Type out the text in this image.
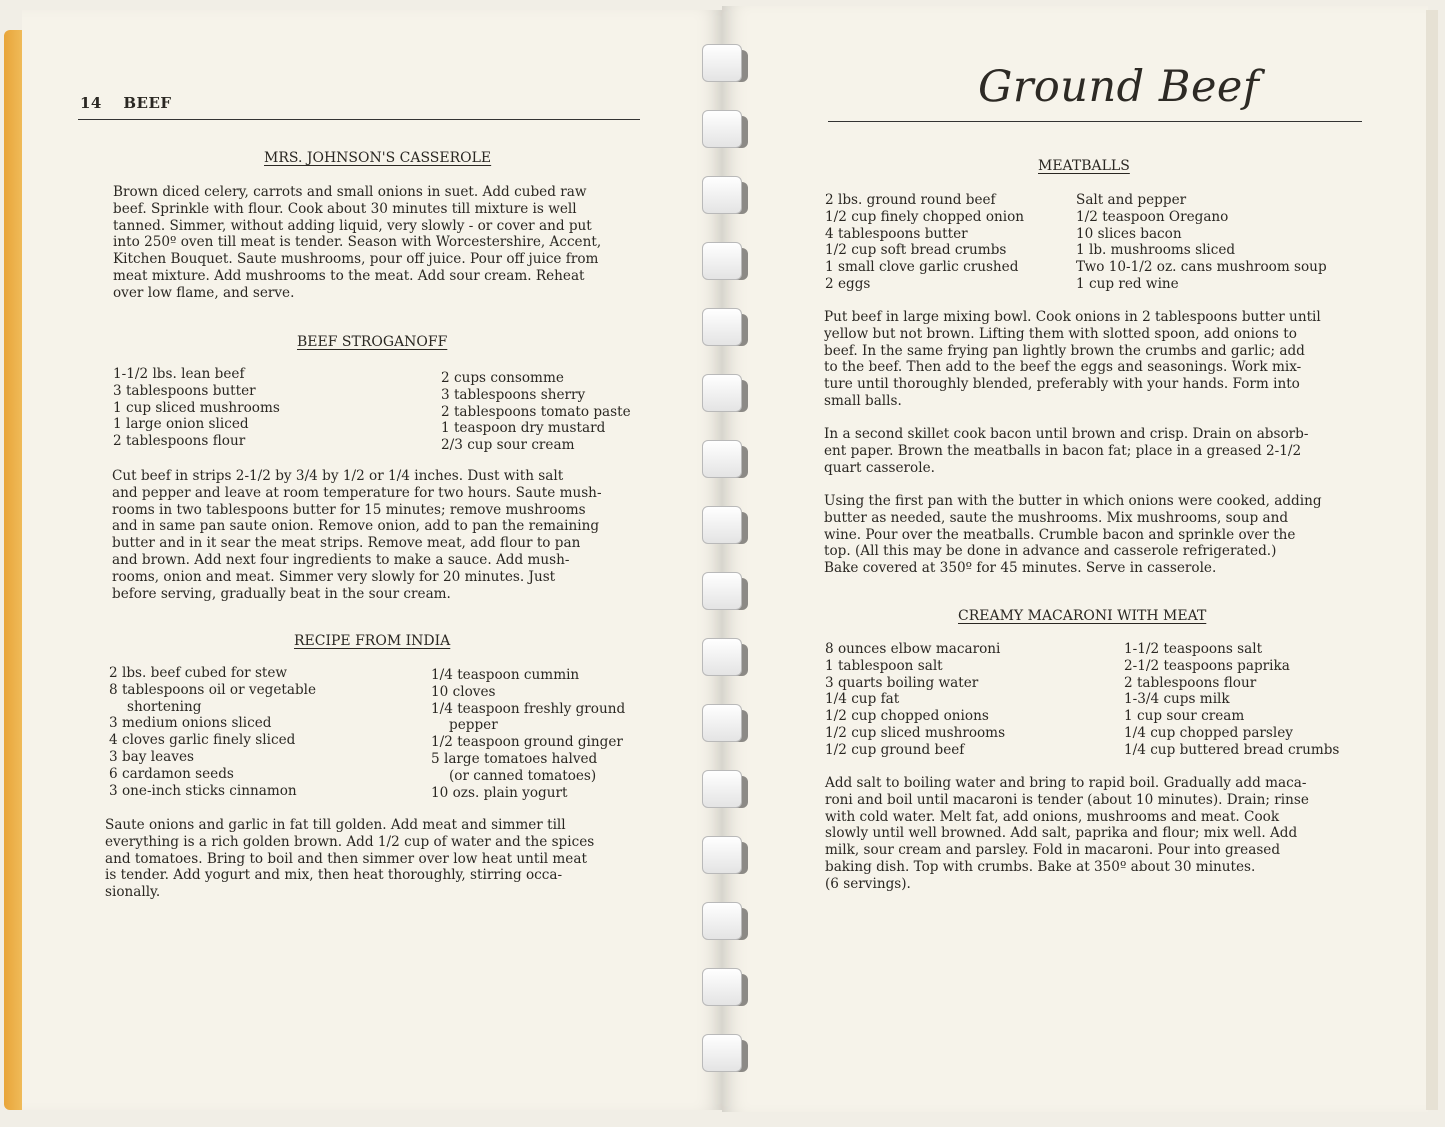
14 BEEF
MRS. JOHNSON'S CASSEROLE
Brown diced celery, carrots and small onions in suet. Add cubed raw
beef. Sprinkle with flour. Cook about 30 minutes till mixture is well
tanned. Simmer, without adding liquid, very slowly - or cover and put
into 250º oven till meat is tender. Season with Worcestershire, Accent,
Kitchen Bouquet. Saute mushrooms, pour off juice. Pour off juice from
meat mixture. Add mushrooms to the meat. Add sour cream. Reheat
over low flame, and serve.
BEEF STROGANOFF
1-1/2 lbs. lean beef
3 tablespoons butter
1 cup sliced mushrooms
1 large onion sliced
2 tablespoons flour
2 cups consomme
3 tablespoons sherry
2 tablespoons tomato paste
1 teaspoon dry mustard
2/3 cup sour cream
Cut beef in strips 2-1/2 by 3/4 by 1/2 or 1/4 inches. Dust with salt
and pepper and leave at room temperature for two hours. Saute mush-
rooms in two tablespoons butter for 15 minutes; remove mushrooms
and in same pan saute onion. Remove onion, add to pan the remaining
butter and in it sear the meat strips. Remove meat, add flour to pan
and brown. Add next four ingredients to make a sauce. Add mush-
rooms, onion and meat. Simmer very slowly for 20 minutes. Just
before serving, gradually beat in the sour cream.
RECIPE FROM INDIA
2 lbs. beef cubed for stew
8 tablespoons oil or vegetable
shortening
3 medium onions sliced
4 cloves garlic finely sliced
3 bay leaves
6 cardamon seeds
3 one-inch sticks cinnamon
1/4 teaspoon cummin
10 cloves
1/4 teaspoon freshly ground
pepper
1/2 teaspoon ground ginger
5 large tomatoes halved
(or canned tomatoes)
10 ozs. plain yogurt
Saute onions and garlic in fat till golden. Add meat and simmer till
everything is a rich golden brown. Add 1/2 cup of water and the spices
and tomatoes. Bring to boil and then simmer over low heat until meat
is tender. Add yogurt and mix, then heat thoroughly, stirring occa-
sionally.
Ground Beef
MEATBALLS
2 lbs. ground round beef
1/2 cup finely chopped onion
4 tablespoons butter
1/2 cup soft bread crumbs
1 small clove garlic crushed
2 eggs
Salt and pepper
1/2 teaspoon Oregano
10 slices bacon
1 lb. mushrooms sliced
Two 10-1/2 oz. cans mushroom soup
1 cup red wine
Put beef in large mixing bowl. Cook onions in 2 tablespoons butter until
yellow but not brown. Lifting them with slotted spoon, add onions to
beef. In the same frying pan lightly brown the crumbs and garlic; add
to the beef. Then add to the beef the eggs and seasonings. Work mix-
ture until thoroughly blended, preferably with your hands. Form into
small balls.
In a second skillet cook bacon until brown and crisp. Drain on absorb-
ent paper. Brown the meatballs in bacon fat; place in a greased 2-1/2
quart casserole.
Using the first pan with the butter in which onions were cooked, adding
butter as needed, saute the mushrooms. Mix mushrooms, soup and
wine. Pour over the meatballs. Crumble bacon and sprinkle over the
top. (All this may be done in advance and casserole refrigerated.)
Bake covered at 350º for 45 minutes. Serve in casserole.
CREAMY MACARONI WITH MEAT
8 ounces elbow macaroni
1 tablespoon salt
3 quarts boiling water
1/4 cup fat
1/2 cup chopped onions
1/2 cup sliced mushrooms
1/2 cup ground beef
1-1/2 teaspoons salt
2-1/2 teaspoons paprika
2 tablespoons flour
1-3/4 cups milk
1 cup sour cream
1/4 cup chopped parsley
1/4 cup buttered bread crumbs
Add salt to boiling water and bring to rapid boil. Gradually add maca-
roni and boil until macaroni is tender (about 10 minutes). Drain; rinse
with cold water. Melt fat, add onions, mushrooms and meat. Cook
slowly until well browned. Add salt, paprika and flour; mix well. Add
milk, sour cream and parsley. Fold in macaroni. Pour into greased
baking dish. Top with crumbs. Bake at 350º about 30 minutes.
(6 servings).
